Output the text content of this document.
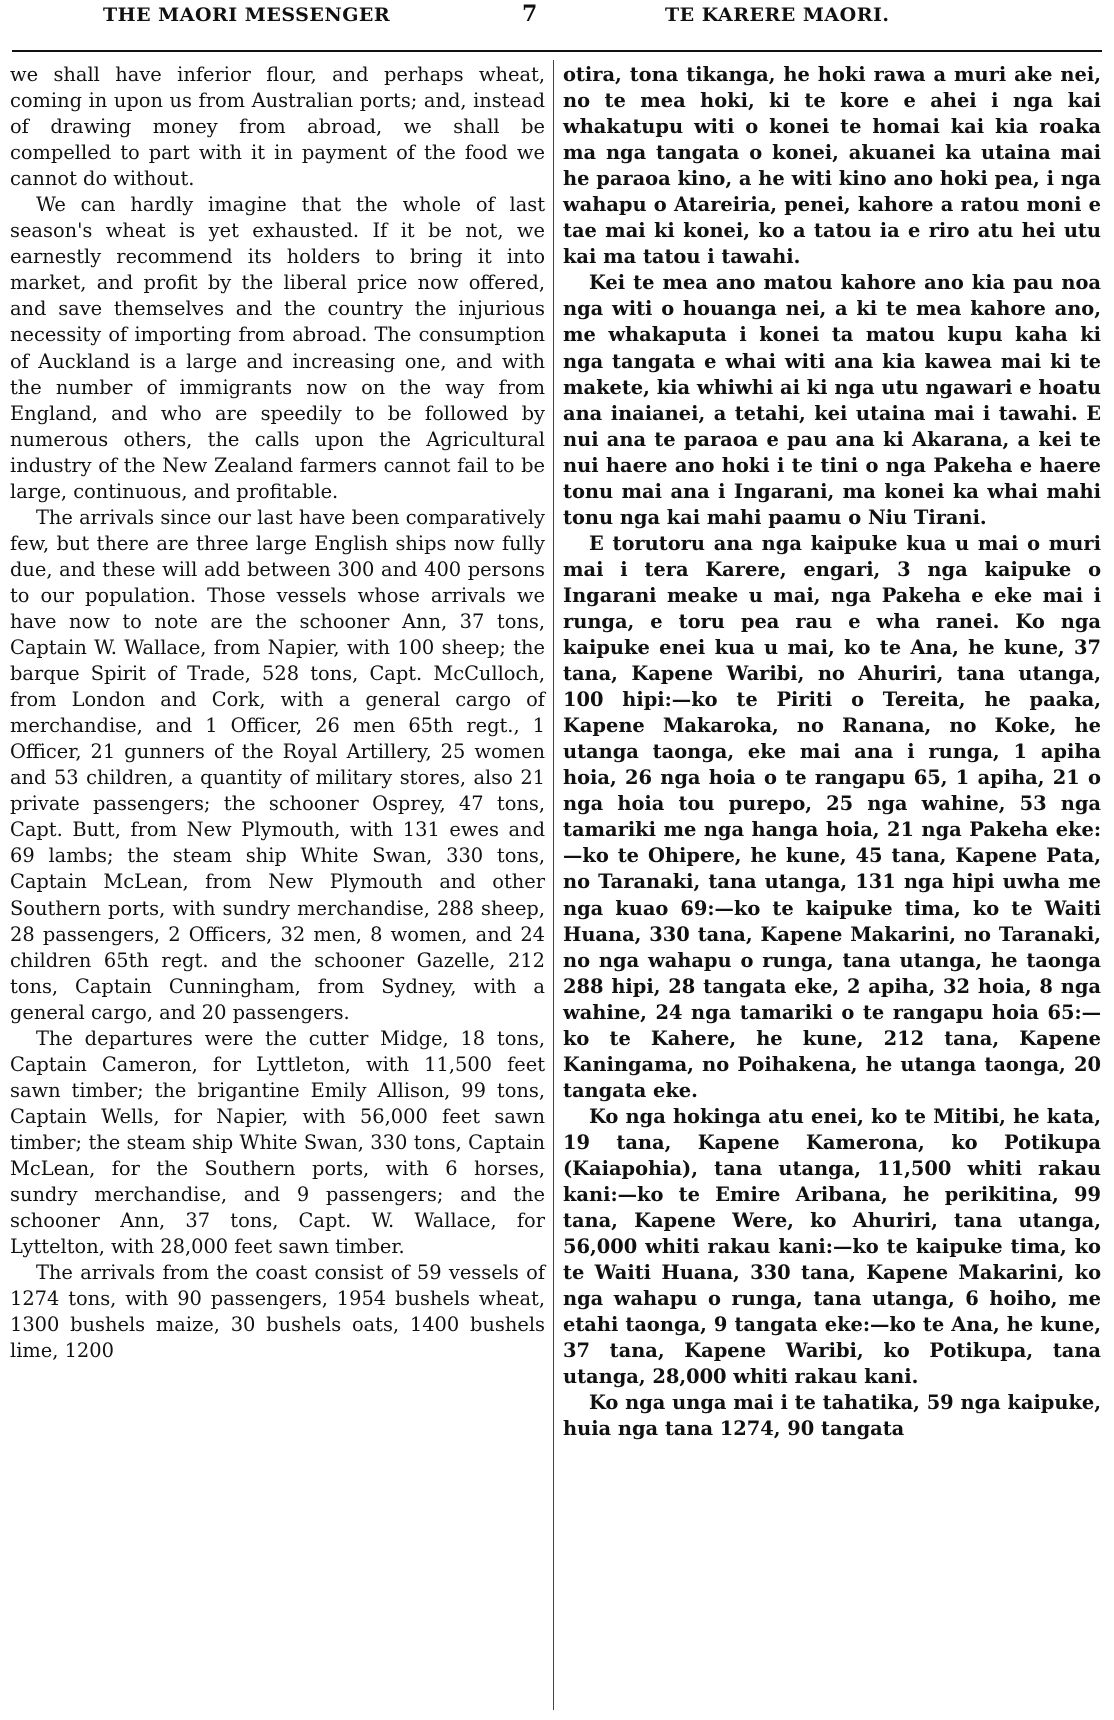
THE MAORI MESSENGER	7	TE KARERE MAORI.

we shall have inferior flour, and perhaps wheat, coming in upon us from Australian ports; and, instead of drawing money from abroad, we shall be compelled to part with it in payment of the food we cannot do without.

We can hardly imagine that the whole of last season's wheat is yet exhausted. If it be not, we earnestly recommend its holders to bring it into market, and profit by the liberal price now offered, and save themselves and the country the injurious necessity of importing from abroad. The consumption of Auckland is a large and increasing one, and with the number of immigrants now on the way from England, and who are speedily to be followed by numerous others, the calls upon the Agricultural industry of the New Zealand farmers cannot fail to be large, continuous, and profitable.

The arrivals since our last have been comparatively few, but there are three large English ships now fully due, and these will add between 300 and 400 persons to our population. Those vessels whose arrivals we have now to note are the schooner Ann, 37 tons, Captain W. Wallace, from Napier, with 100 sheep; the barque Spirit of Trade, 528 tons, Capt. McCulloch, from London and Cork, with a general cargo of merchandise, and 1 Officer, 26 men 65th regt., 1 Officer, 21 gunners of the Royal Artillery, 25 women and 53 children, a quantity of military stores, also 21 private passengers; the schooner Osprey, 47 tons, Capt. Butt, from New Plymouth, with 131 ewes and 69 lambs; the steam ship White Swan, 330 tons, Captain McLean, from New Plymouth and other Southern ports, with sundry merchandise, 288 sheep, 28 passengers, 2 Officers, 32 men, 8 women, and 24 children 65th regt. and the schooner Gazelle, 212 tons, Captain Cunningham, from Sydney, with a general cargo, and 20 passengers.

The departures were the cutter Midge, 18 tons, Captain Cameron, for Lyttleton, with 11,500 feet sawn timber; the brigantine Emily Allison, 99 tons, Captain Wells, for Napier, with 56,000 feet sawn timber; the steam ship White Swan, 330 tons, Captain McLean, for the Southern ports, with 6 horses, sundry merchandise, and 9 passengers; and the schooner Ann, 37 tons, Capt. W. Wallace, for Lyttelton, with 28,000 feet sawn timber.

The arrivals from the coast consist of 59 vessels of 1274 tons, with 90 passengers, 1954 bushels wheat, 1300 bushels maize, 30 bushels oats, 1400 bushels lime, 1200

otira, tona tikanga, he hoki rawa a muri ake nei, no te mea hoki, ki te kore e ahei i nga kai whakatupu witi o konei te homai kai kia roaka ma nga tangata o konei, akuanei ka utaina mai he paraoa kino, a he witi kino ano hoki pea, i nga wahapu o Atareiria, penei, kahore a ratou moni e tae mai ki konei, ko a tatou ia e riro atu hei utu kai ma tatou i tawahi.

Kei te mea ano matou kahore ano kia pau noa nga witi o houanga nei, a ki te mea kahore ano, me whakaputa i konei ta matou kupu kaha ki nga tangata e whai witi ana kia kawea mai ki te makete, kia whiwhi ai ki nga utu ngawari e hoatu ana inaianei, a tetahi, kei utaina mai i tawahi. E nui ana te paraoa e pau ana ki Akarana, a kei te nui haere ano hoki i te tini o nga Pakeha e haere tonu mai ana i Ingarani, ma konei ka whai mahi tonu nga kai mahi paamu o Niu Tirani.

E torutoru ana nga kaipuke kua u mai o muri mai i tera Karere, engari, 3 nga kaipuke o Ingarani meake u mai, nga Pakeha e eke mai i runga, e toru pea rau e wha ranei. Ko nga kaipuke enei kua u mai, ko te Ana, he kune, 37 tana, Kapene Waribi, no Ahuriri, tana utanga, 100 hipi:—ko te Piriti o Tereita, he paaka, Kapene Makaroka, no Ranana, no Koke, he utanga taonga, eke mai ana i runga, 1 apiha hoia, 26 nga hoia o te rangapu 65, 1 apiha, 21 o nga hoia tou purepo, 25 nga wahine, 53 nga tamariki me nga hanga hoia, 21 nga Pakeha eke:—ko te Ohipere, he kune, 45 tana, Kapene Pata, no Taranaki, tana utanga, 131 nga hipi uwha me nga kuao 69:—ko te kaipuke tima, ko te Waiti Huana, 330 tana, Kapene Makarini, no Taranaki, no nga wahapu o runga, tana utanga, he taonga 288 hipi, 28 tangata eke, 2 apiha, 32 hoia, 8 nga wahine, 24 nga tamariki o te rangapu hoia 65:—ko te Kahere, he kune, 212 tana, Kapene Kaningama, no Poihakena, he utanga taonga, 20 tangata eke.

Ko nga hokinga atu enei, ko te Mitibi, he kata, 19 tana, Kapene Kamerona, ko Potikupa (Kaiapohia), tana utanga, 11,500 whiti rakau kani:—ko te Emire Aribana, he perikitina, 99 tana, Kapene Were, ko Ahuriri, tana utanga, 56,000 whiti rakau kani:—ko te kaipuke tima, ko te Waiti Huana, 330 tana, Kapene Makarini, ko nga wahapu o runga, tana utanga, 6 hoiho, me etahi taonga, 9 tangata eke:—ko te Ana, he kune, 37 tana, Kapene Waribi, ko Potikupa, tana utanga, 28,000 whiti rakau kani.

Ko nga unga mai i te tahatika, 59 nga kaipuke, huia nga tana 1274, 90 tangata
